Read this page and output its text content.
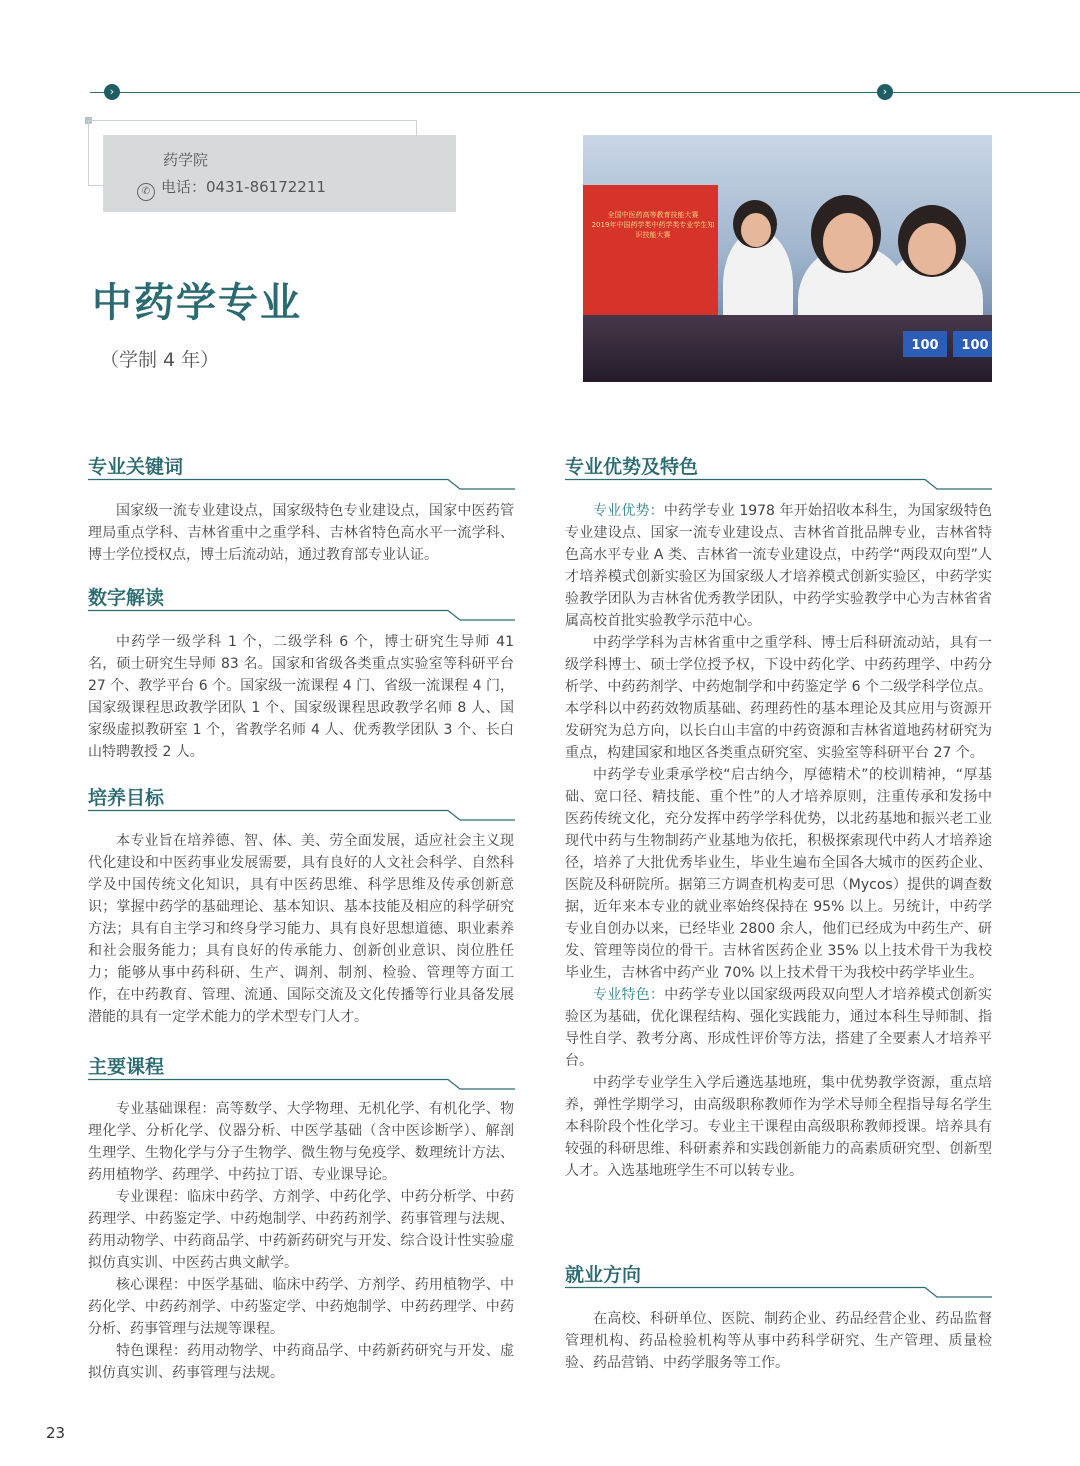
›	›
药学院
✆ 电话：0431-86172211
中药学专业
（学制 4 年）
全国中医药高等教育技能大赛
2019年中国药学类中药学类专业学生知识技能大赛
100	100
专业关键词

国家级一流专业建设点，国家级特色专业建设点，国家中医药管理局重点学科、吉林省重中之重学科、吉林省特色高水平一流学科、博士学位授权点，博士后流动站，通过教育部专业认证。

数字解读

中药学一级学科 1 个，二级学科 6 个，博士研究生导师 41 名，硕士研究生导师 83 名。国家和省级各类重点实验室等科研平台 27 个、教学平台 6 个。国家级一流课程 4 门、省级一流课程 4 门，国家级课程思政教学团队 1 个、国家级课程思政教学名师 8 人、国家级虚拟教研室 1 个，省教学名师 4 人、优秀教学团队 3 个、长白山特聘教授 2 人。

培养目标

本专业旨在培养德、智、体、美、劳全面发展，适应社会主义现代化建设和中医药事业发展需要，具有良好的人文社会科学、自然科学及中国传统文化知识，具有中医药思维、科学思维及传承创新意识；掌握中药学的基础理论、基本知识、基本技能及相应的科学研究方法；具有自主学习和终身学习能力、具有良好思想道德、职业素养和社会服务能力；具有良好的传承能力、创新创业意识、岗位胜任力；能够从事中药科研、生产、调剂、制剂、检验、管理等方面工作，在中药教育、管理、流通、国际交流及文化传播等行业具备发展潜能的具有一定学术能力的学术型专门人才。

主要课程

专业基础课程：高等数学、大学物理、无机化学、有机化学、物理化学、分析化学、仪器分析、中医学基础（含中医诊断学）、解剖生理学、生物化学与分子生物学、微生物与免疫学、数理统计方法、药用植物学、药理学、中药拉丁语、专业课导论。

专业课程：临床中药学、方剂学、中药化学、中药分析学、中药药理学、中药鉴定学、中药炮制学、中药药剂学、药事管理与法规、药用动物学、中药商品学、中药新药研究与开发、综合设计性实验虚拟仿真实训、中医药古典文献学。

核心课程：中医学基础、临床中药学、方剂学、药用植物学、中药化学、中药药剂学、中药鉴定学、中药炮制学、中药药理学、中药分析、药事管理与法规等课程。

特色课程：药用动物学、中药商品学、中药新药研究与开发、虚拟仿真实训、药事管理与法规。

专业优势及特色

专业优势：中药学专业 1978 年开始招收本科生，为国家级特色专业建设点、国家一流专业建设点、吉林省首批品牌专业，吉林省特色高水平专业 A 类、吉林省一流专业建设点，中药学“两段双向型”人才培养模式创新实验区为国家级人才培养模式创新实验区，中药学实验教学团队为吉林省优秀教学团队，中药学实验教学中心为吉林省省属高校首批实验教学示范中心。

中药学学科为吉林省重中之重学科、博士后科研流动站，具有一级学科博士、硕士学位授予权，下设中药化学、中药药理学、中药分析学、中药药剂学、中药炮制学和中药鉴定学 6 个二级学科学位点。本学科以中药药效物质基础、药理药性的基本理论及其应用与资源开发研究为总方向，以长白山丰富的中药资源和吉林省道地药材研究为重点，构建国家和地区各类重点研究室、实验室等科研平台 27 个。

中药学专业秉承学校“启古纳今，厚德精术”的校训精神，“厚基础、宽口径、精技能、重个性”的人才培养原则，注重传承和发扬中医药传统文化，充分发挥中药学学科优势，以北药基地和振兴老工业现代中药与生物制药产业基地为依托，积极探索现代中药人才培养途径，培养了大批优秀毕业生，毕业生遍布全国各大城市的医药企业、医院及科研院所。据第三方调查机构麦可思（Mycos）提供的调查数据，近年来本专业的就业率始终保持在 95% 以上。另统计，中药学专业自创办以来，已经毕业 2800 余人，他们已经成为中药生产、研发、管理等岗位的骨干。吉林省医药企业 35% 以上技术骨干为我校毕业生，吉林省中药产业 70% 以上技术骨干为我校中药学毕业生。

专业特色：中药学专业以国家级两段双向型人才培养模式创新实验区为基础，优化课程结构、强化实践能力，通过本科生导师制、指导性自学、教考分离、形成性评价等方法，搭建了全要素人才培养平台。

中药学专业学生入学后遴选基地班，集中优势教学资源，重点培养，弹性学期学习，由高级职称教师作为学术导师全程指导每名学生本科阶段个性化学习。专业主干课程由高级职称教师授课。培养具有较强的科研思维、科研素养和实践创新能力的高素质研究型、创新型人才。入选基地班学生不可以转专业。

就业方向

在高校、科研单位、医院、制药企业、药品经营企业、药品监督管理机构、药品检验机构等从事中药科学研究、生产管理、质量检验、药品营销、中药学服务等工作。

23
